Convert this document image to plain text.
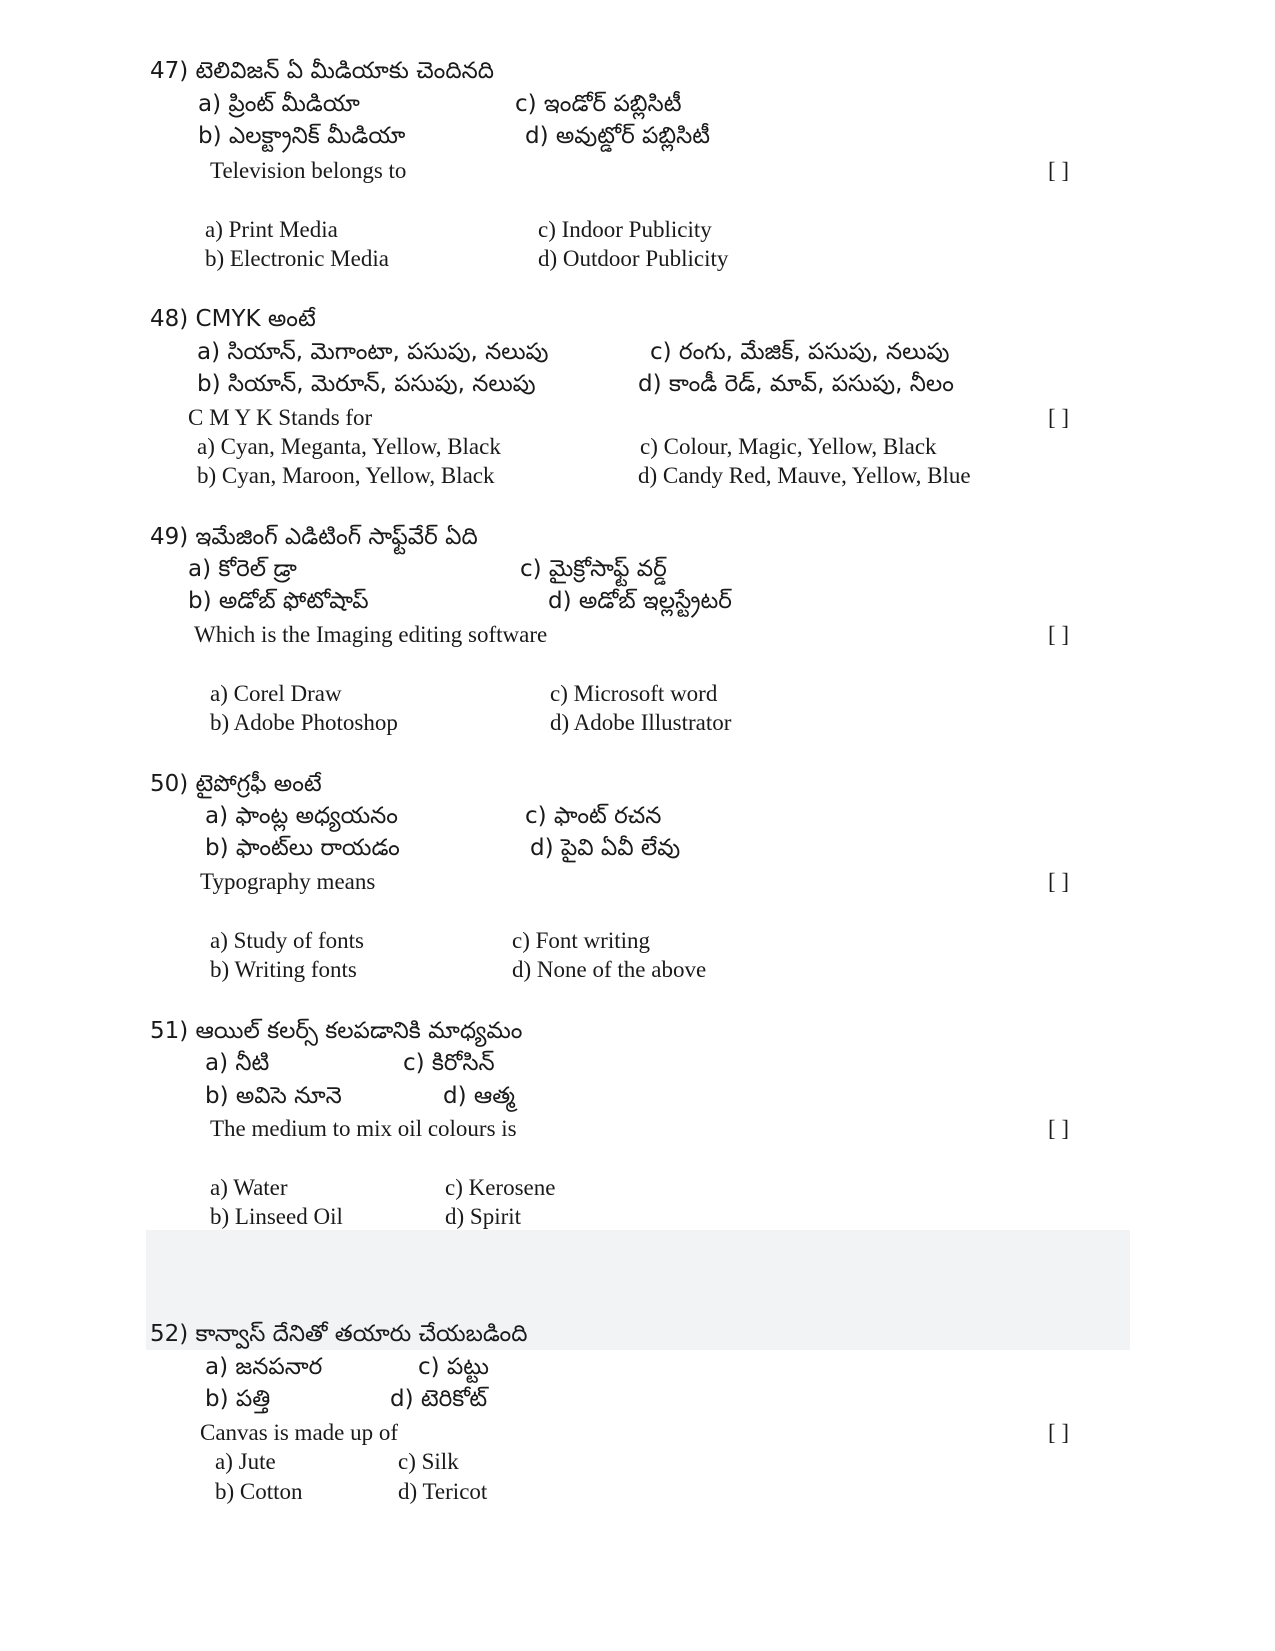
47) టెలివిజన్ ఏ మీడియాకు చెందినది
a) ప్రింట్ మీడియా	c) ఇండోర్ పబ్లిసిటీ
b) ఎలక్ట్రానిక్ మీడియా	d) అవుట్డోర్ పబ్లిసిటీ
Television belongs to	[ ]
a) Print Media	c) Indoor Publicity
b) Electronic Media	d) Outdoor Publicity
48) CMYK అంటే
a) సియాన్, మెగాంటా, పసుపు, నలుపు	c) రంగు, మేజిక్, పసుపు, నలుపు
b) సియాన్, మెరూన్, పసుపు, నలుపు	d) కాండీ రెడ్, మావ్, పసుపు, నీలం
C M Y K Stands for	[ ]
a) Cyan, Meganta, Yellow, Black	c) Colour, Magic, Yellow, Black
b) Cyan, Maroon, Yellow, Black	d) Candy Red, Mauve, Yellow, Blue
49) ఇమేజింగ్ ఎడిటింగ్ సాఫ్ట్‌వేర్ ఏది
a) కోరెల్ డ్రా	c) మైక్రోసాఫ్ట్ వర్డ్
b) అడోబ్ ఫోటోషాప్	d) అడోబ్ ఇల్లస్ట్రేటర్
Which is the Imaging editing software	[ ]
a) Corel Draw	c) Microsoft word
b) Adobe Photoshop	d) Adobe Illustrator
50) టైపోగ్రఫీ అంటే
a) ఫాంట్ల అధ్యయనం	c) ఫాంట్ రచన
b) ఫాంట్‌లు రాయడం	d) పైవి ఏవీ లేవు
Typography means	[ ]
a) Study of fonts	c) Font writing
b) Writing fonts	d) None of the above
51) ఆయిల్ కలర్స్ కలపడానికి మాధ్యమం
a) నీటి	c) కిరోసిన్
b) అవిసె నూనె	d) ఆత్మ
The medium to mix oil colours is	[ ]
a) Water	c) Kerosene
b) Linseed Oil	d) Spirit
52) కాన్వాస్ దేనితో తయారు చేయబడింది
a) జనపనార	c) పట్టు
b) పత్తి	d) టెరికోట్
Canvas is made up of	[ ]
a) Jute	c) Silk
b) Cotton	d) Tericot
